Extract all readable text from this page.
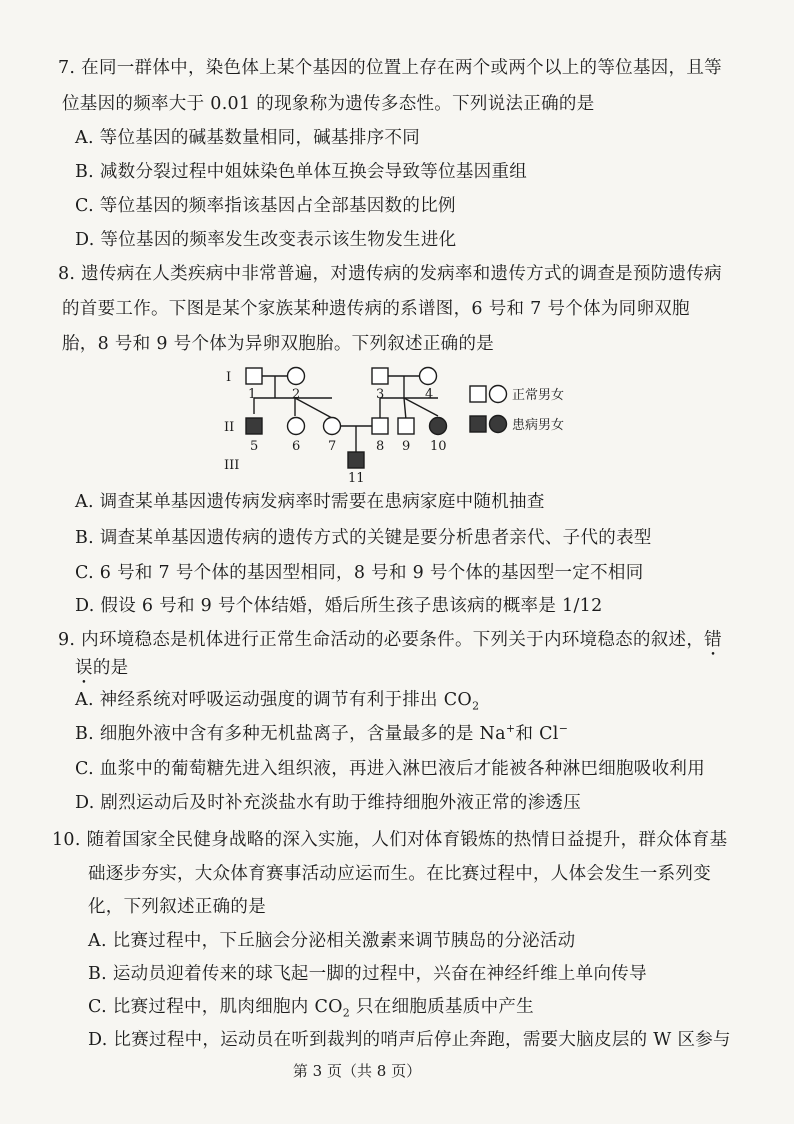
7. 在同一群体中，染色体上某个基因的位置上存在两个或两个以上的等位基因，且等
位基因的频率大于 0.01 的现象称为遗传多态性。下列说法正确的是
A. 等位基因的碱基数量相同，碱基排序不同
B. 减数分裂过程中姐妹染色单体互换会导致等位基因重组
C. 等位基因的频率指该基因占全部基因数的比例
D. 等位基因的频率发生改变表示该生物发生进化
8. 遗传病在人类疾病中非常普遍，对遗传病的发病率和遗传方式的调查是预防遗传病
的首要工作。下图是某个家族某种遗传病的系谱图，6 号和 7 号个体为同卵双胞
胎，8 号和 9 号个体为异卵双胞胎。下列叙述正确的是
I
II
III
1	2	3	4
5	6 7	8 9 10
11
正常男女
患病男女
A. 调查某单基因遗传病发病率时需要在患病家庭中随机抽查
B. 调查某单基因遗传病的遗传方式的关键是要分析患者亲代、子代的表型
C. 6 号和 7 号个体的基因型相同，8 号和 9 号个体的基因型一定不相同
D. 假设 6 号和 9 号个体结婚，婚后所生孩子患该病的概率是 1/12
9. 内环境稳态是机体进行正常生命活动的必要条件。下列关于内环境稳态的叙述，错
误的是
A. 神经系统对呼吸运动强度的调节有利于排出 $CO_2$
B. 细胞外液中含有多种无机盐离子，含量最多的是 Na+和 Cl−
C. 血浆中的葡萄糖先进入组织液，再进入淋巴液后才能被各种淋巴细胞吸收利用
D. 剧烈运动后及时补充淡盐水有助于维持细胞外液正常的渗透压
10. 随着国家全民健身战略的深入实施，人们对体育锻炼的热情日益提升，群众体育基
础逐步夯实，大众体育赛事活动应运而生。在比赛过程中，人体会发生一系列变
化，下列叙述正确的是
A. 比赛过程中，下丘脑会分泌相关激素来调节胰岛的分泌活动
B. 运动员迎着传来的球飞起一脚的过程中，兴奋在神经纤维上单向传导
C. 比赛过程中，肌肉细胞内 $CO_2$ 只在细胞质基质中产生
D. 比赛过程中，运动员在听到裁判的哨声后停止奔跑，需要大脑皮层的 W 区参与
第 3 页（共 8 页）
